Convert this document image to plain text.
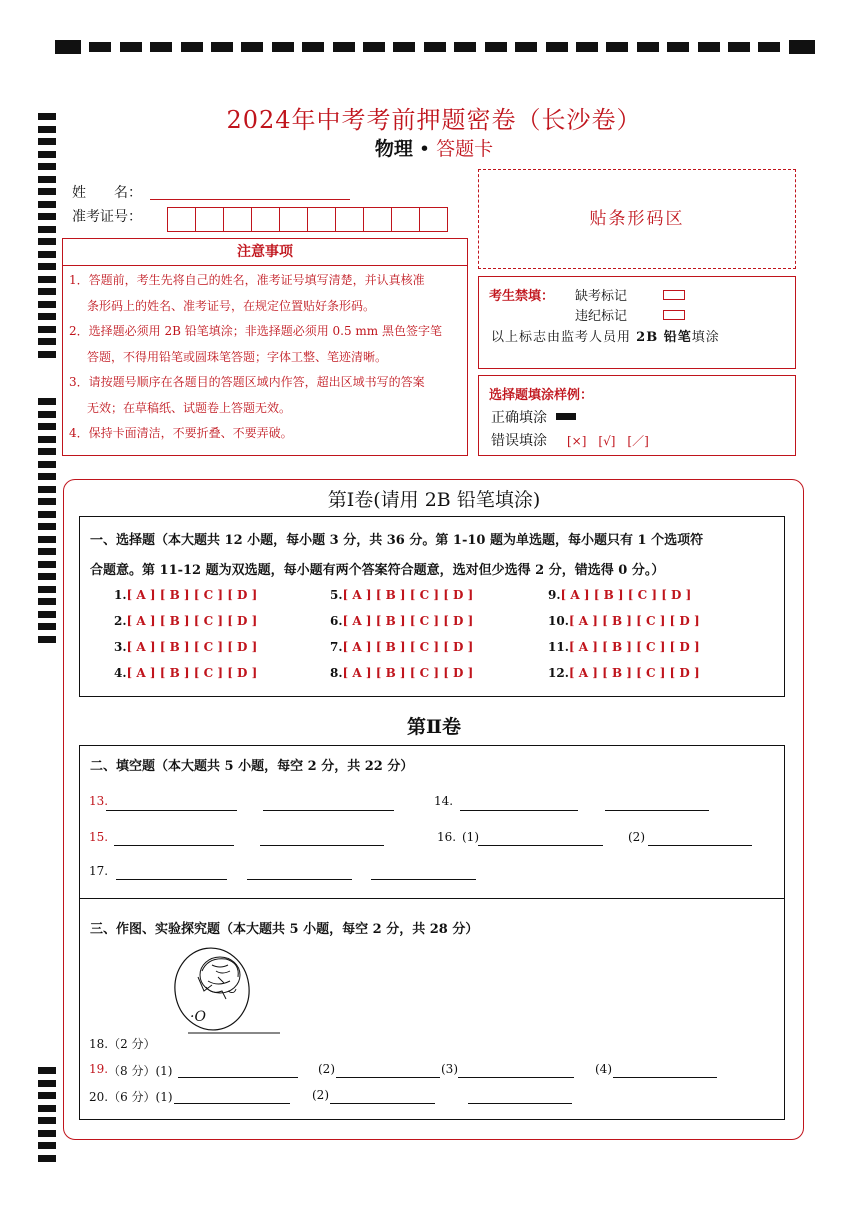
2024年中考考前押题密卷（长沙卷）
物理 • 答题卡
姓　　名：
准考证号：	贴条形码区
注意事项

1．答题前，考生先将自己的姓名，准考证号填写清楚，并认真核准

条形码上的姓名、准考证号，在规定位置贴好条形码。

2．选择题必须用 2B 铅笔填涂；非选择题必须用 0.5 mm 黑色签字笔

答题，不得用铅笔或圆珠笔答题；字体工整、笔迹清晰。

3．请按题号顺序在各题目的答题区域内作答，超出区域书写的答案

无效；在草稿纸、试题卷上答题无效。

4．保持卡面清洁，不要折叠、不要弄破。

考生禁填： 缺考标记
违纪标记
以上标志由监考人员用 2B 铅笔填涂
选择题填涂样例：
正确填涂
错误填涂 [×]　[√]　[／]
第Ⅰ卷(请用 2B 铅笔填涂)
一、选择题（本大题共 12 小题，每小题 3 分，共 36 分。第 1-10 题为单选题，每小题只有 1 个选项符
合题意。第 11-12 题为双选题，每小题有两个答案符合题意，选对但少选得 2 分，错选得 0 分。）
1.[ A ] [ B ] [ C ] [ D ]
2.[ A ] [ B ] [ C ] [ D ]
3.[ A ] [ B ] [ C ] [ D ]
4.[ A ] [ B ] [ C ] [ D ]
5.[ A ] [ B ] [ C ] [ D ]
6.[ A ] [ B ] [ C ] [ D ]
7.[ A ] [ B ] [ C ] [ D ]
8.[ A ] [ B ] [ C ] [ D ]
9.[ A ] [ B ] [ C ] [ D ]
10.[ A ] [ B ] [ C ] [ D ]
11.[ A ] [ B ] [ C ] [ D ]
12.[ A ] [ B ] [ C ] [ D ]
第Ⅱ卷
二、填空题（本大题共 5 小题，每空 2 分，共 22 分）
13.	14.
15.	16. (1)	(2)
17.
三、作图、实验探究题（本大题共 5 小题，每空 2 分，共 28 分）
·O
18.（2 分）
19. （8 分）(1)	(2)	(3)	(4)
20.（6 分）(1)	(2)
